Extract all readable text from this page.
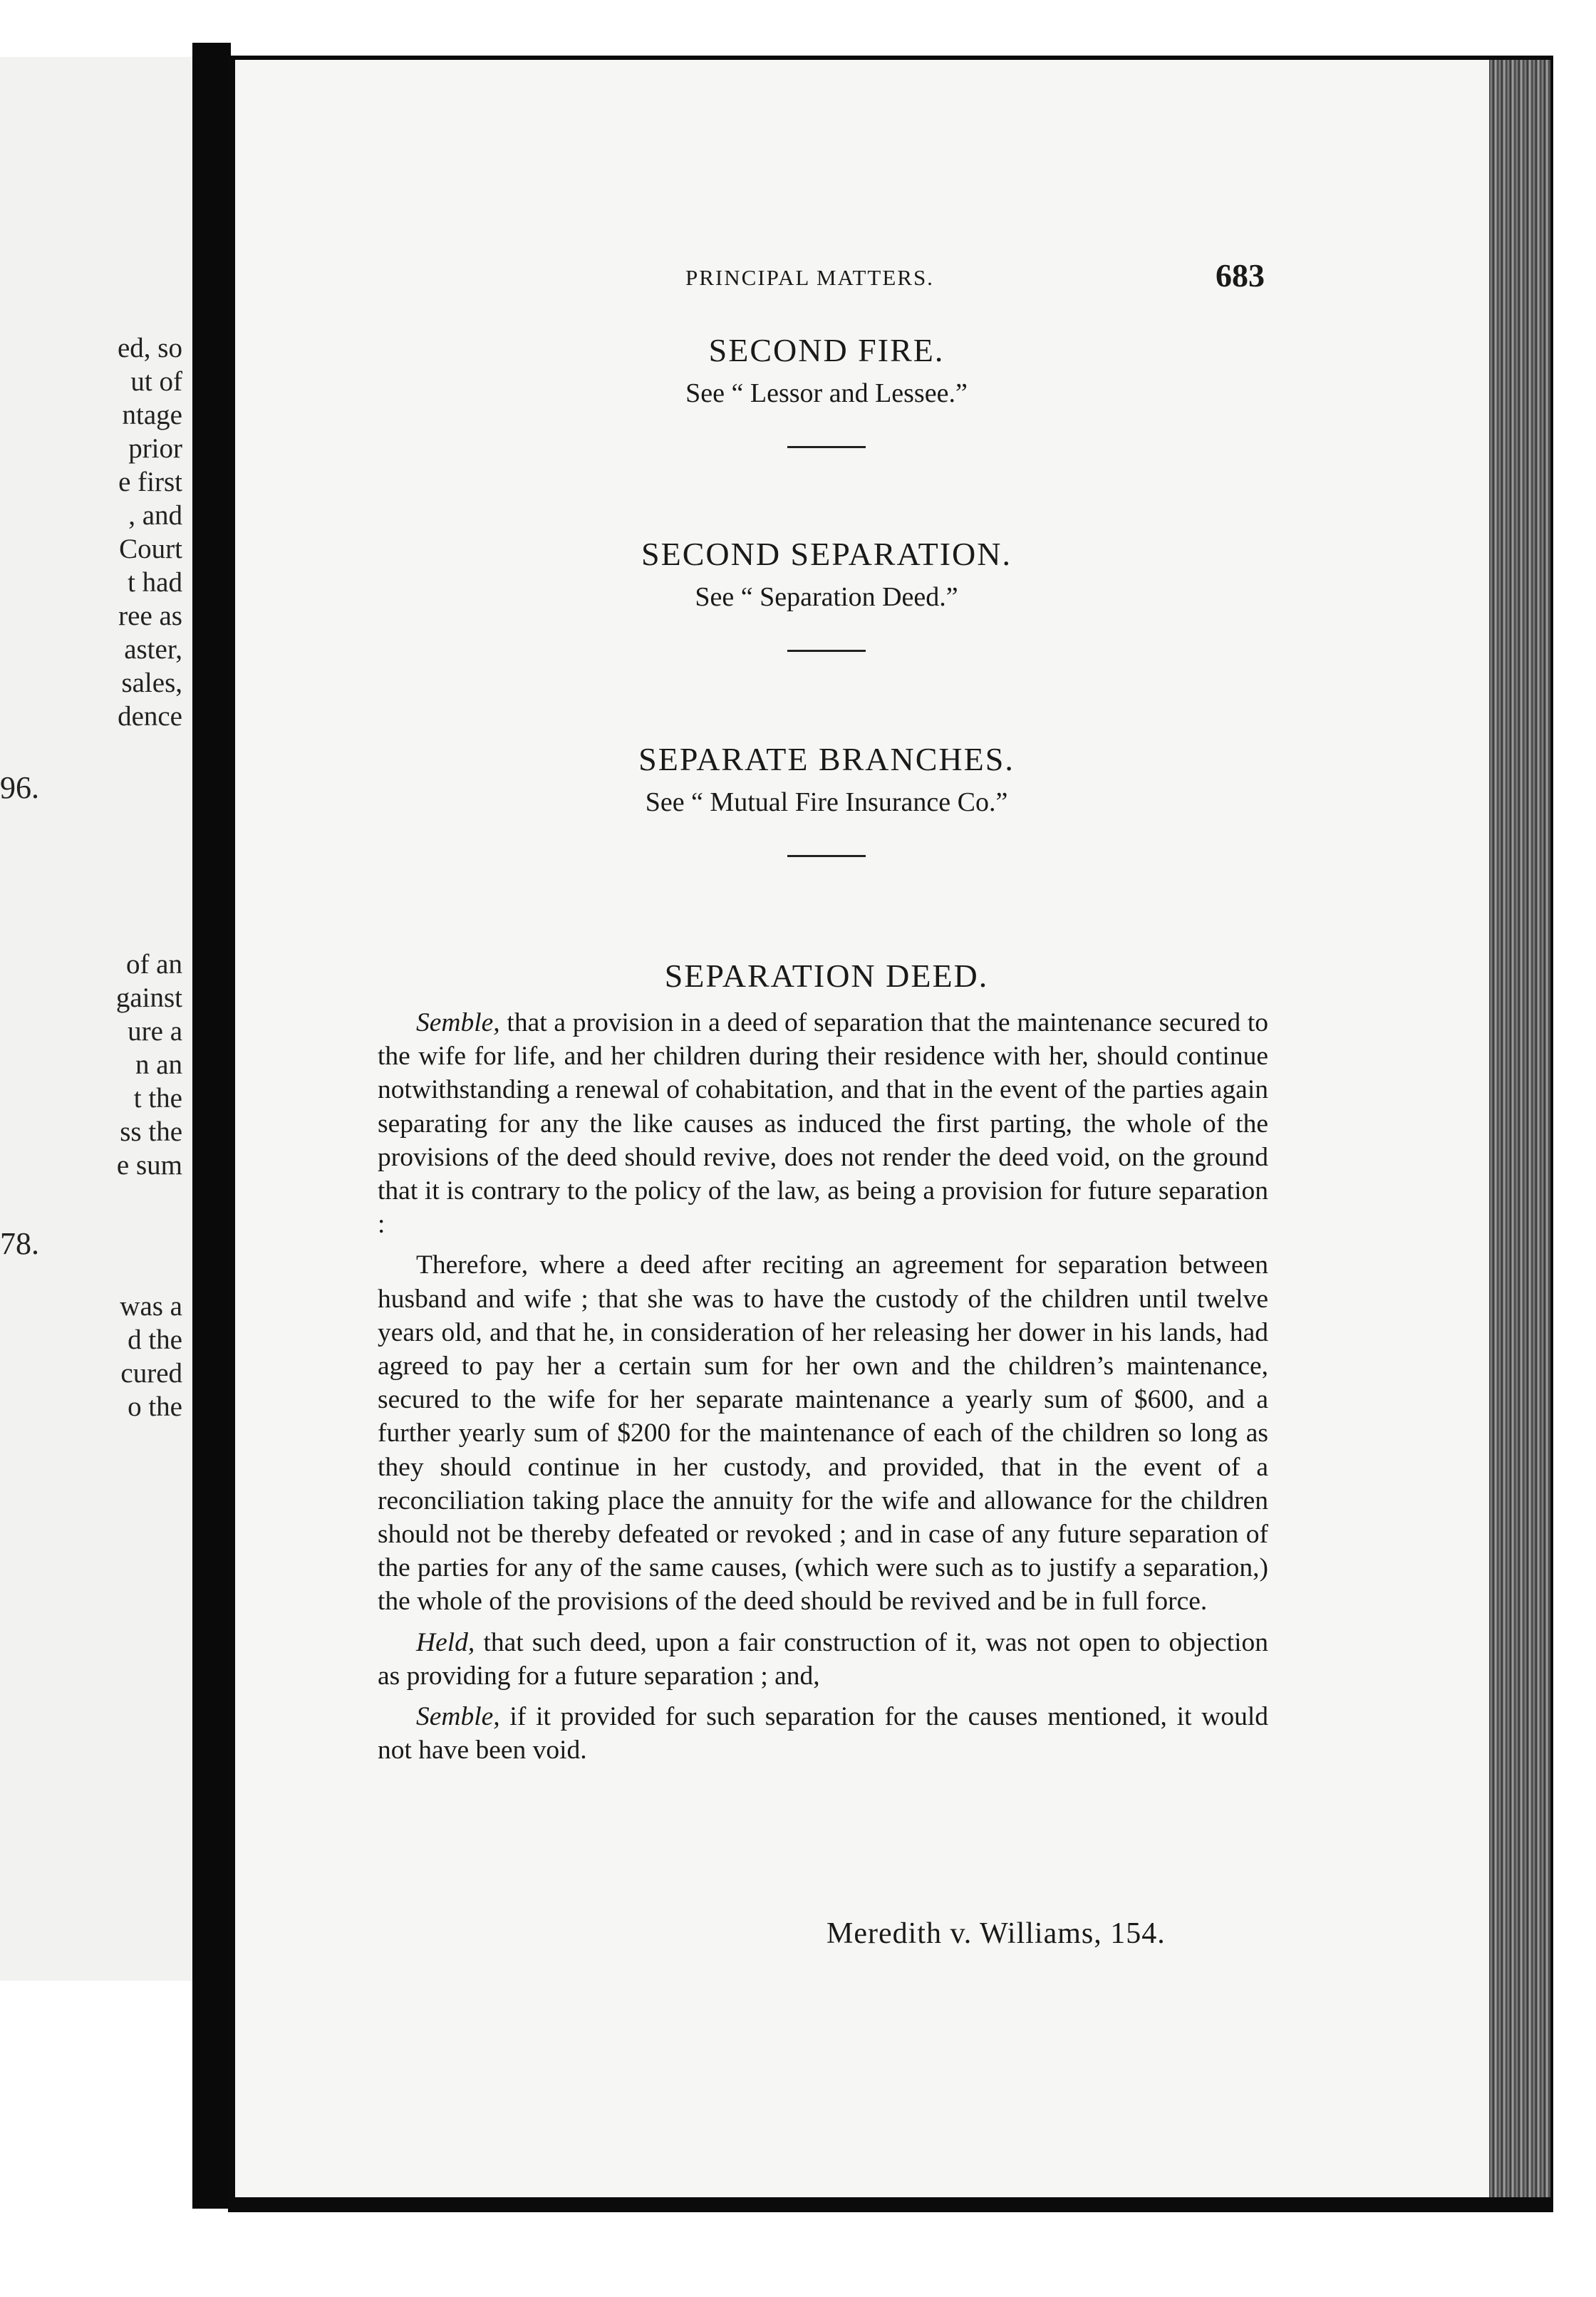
ed, so
ut of
ntage
prior
e first
, and
Court
t had
ree as
aster,
sales,
dence
96.
of an
gainst
ure a
n an
t the
ss the
e sum
78.
was a
d the
cured
o the
PRINCIPAL MATTERS.	683
SECOND FIRE.
See “ Lessor and Lessee.”
SECOND SEPARATION.
See “ Separation Deed.”
SEPARATE BRANCHES.
See “ Mutual Fire Insurance Co.”
SEPARATION DEED.

Semble, that a provision in a deed of separation that the maintenance secured to the wife for life, and her children during their residence with her, should continue notwithstanding a renewal of cohabitation, and that in the event of the parties again separating for any the like causes as induced the first parting, the whole of the provisions of the deed should revive, does not render the deed void, on the ground that it is contrary to the policy of the law, as being a provision for future separation :

Therefore, where a deed after reciting an agreement for separation between husband and wife ; that she was to have the custody of the children until twelve years old, and that he, in consideration of her releasing her dower in his lands, had agreed to pay her a certain sum for her own and the children’s maintenance, secured to the wife for her separate maintenance a yearly sum of $600, and a further yearly sum of $200 for the maintenance of each of the children so long as they should continue in her custody, and provided, that in the event of a reconciliation taking place the annuity for the wife and allowance for the children should not be thereby defeated or revoked ; and in case of any future separation of the parties for any of the same causes, (which were such as to justify a separation,) the whole of the provisions of the deed should be revived and be in full force.

Held, that such deed, upon a fair construction of it, was not open to objection as providing for a future separation ; and,

Semble, if it provided for such separation for the causes mentioned, it would not have been void.

Meredith v. Williams, 154.
